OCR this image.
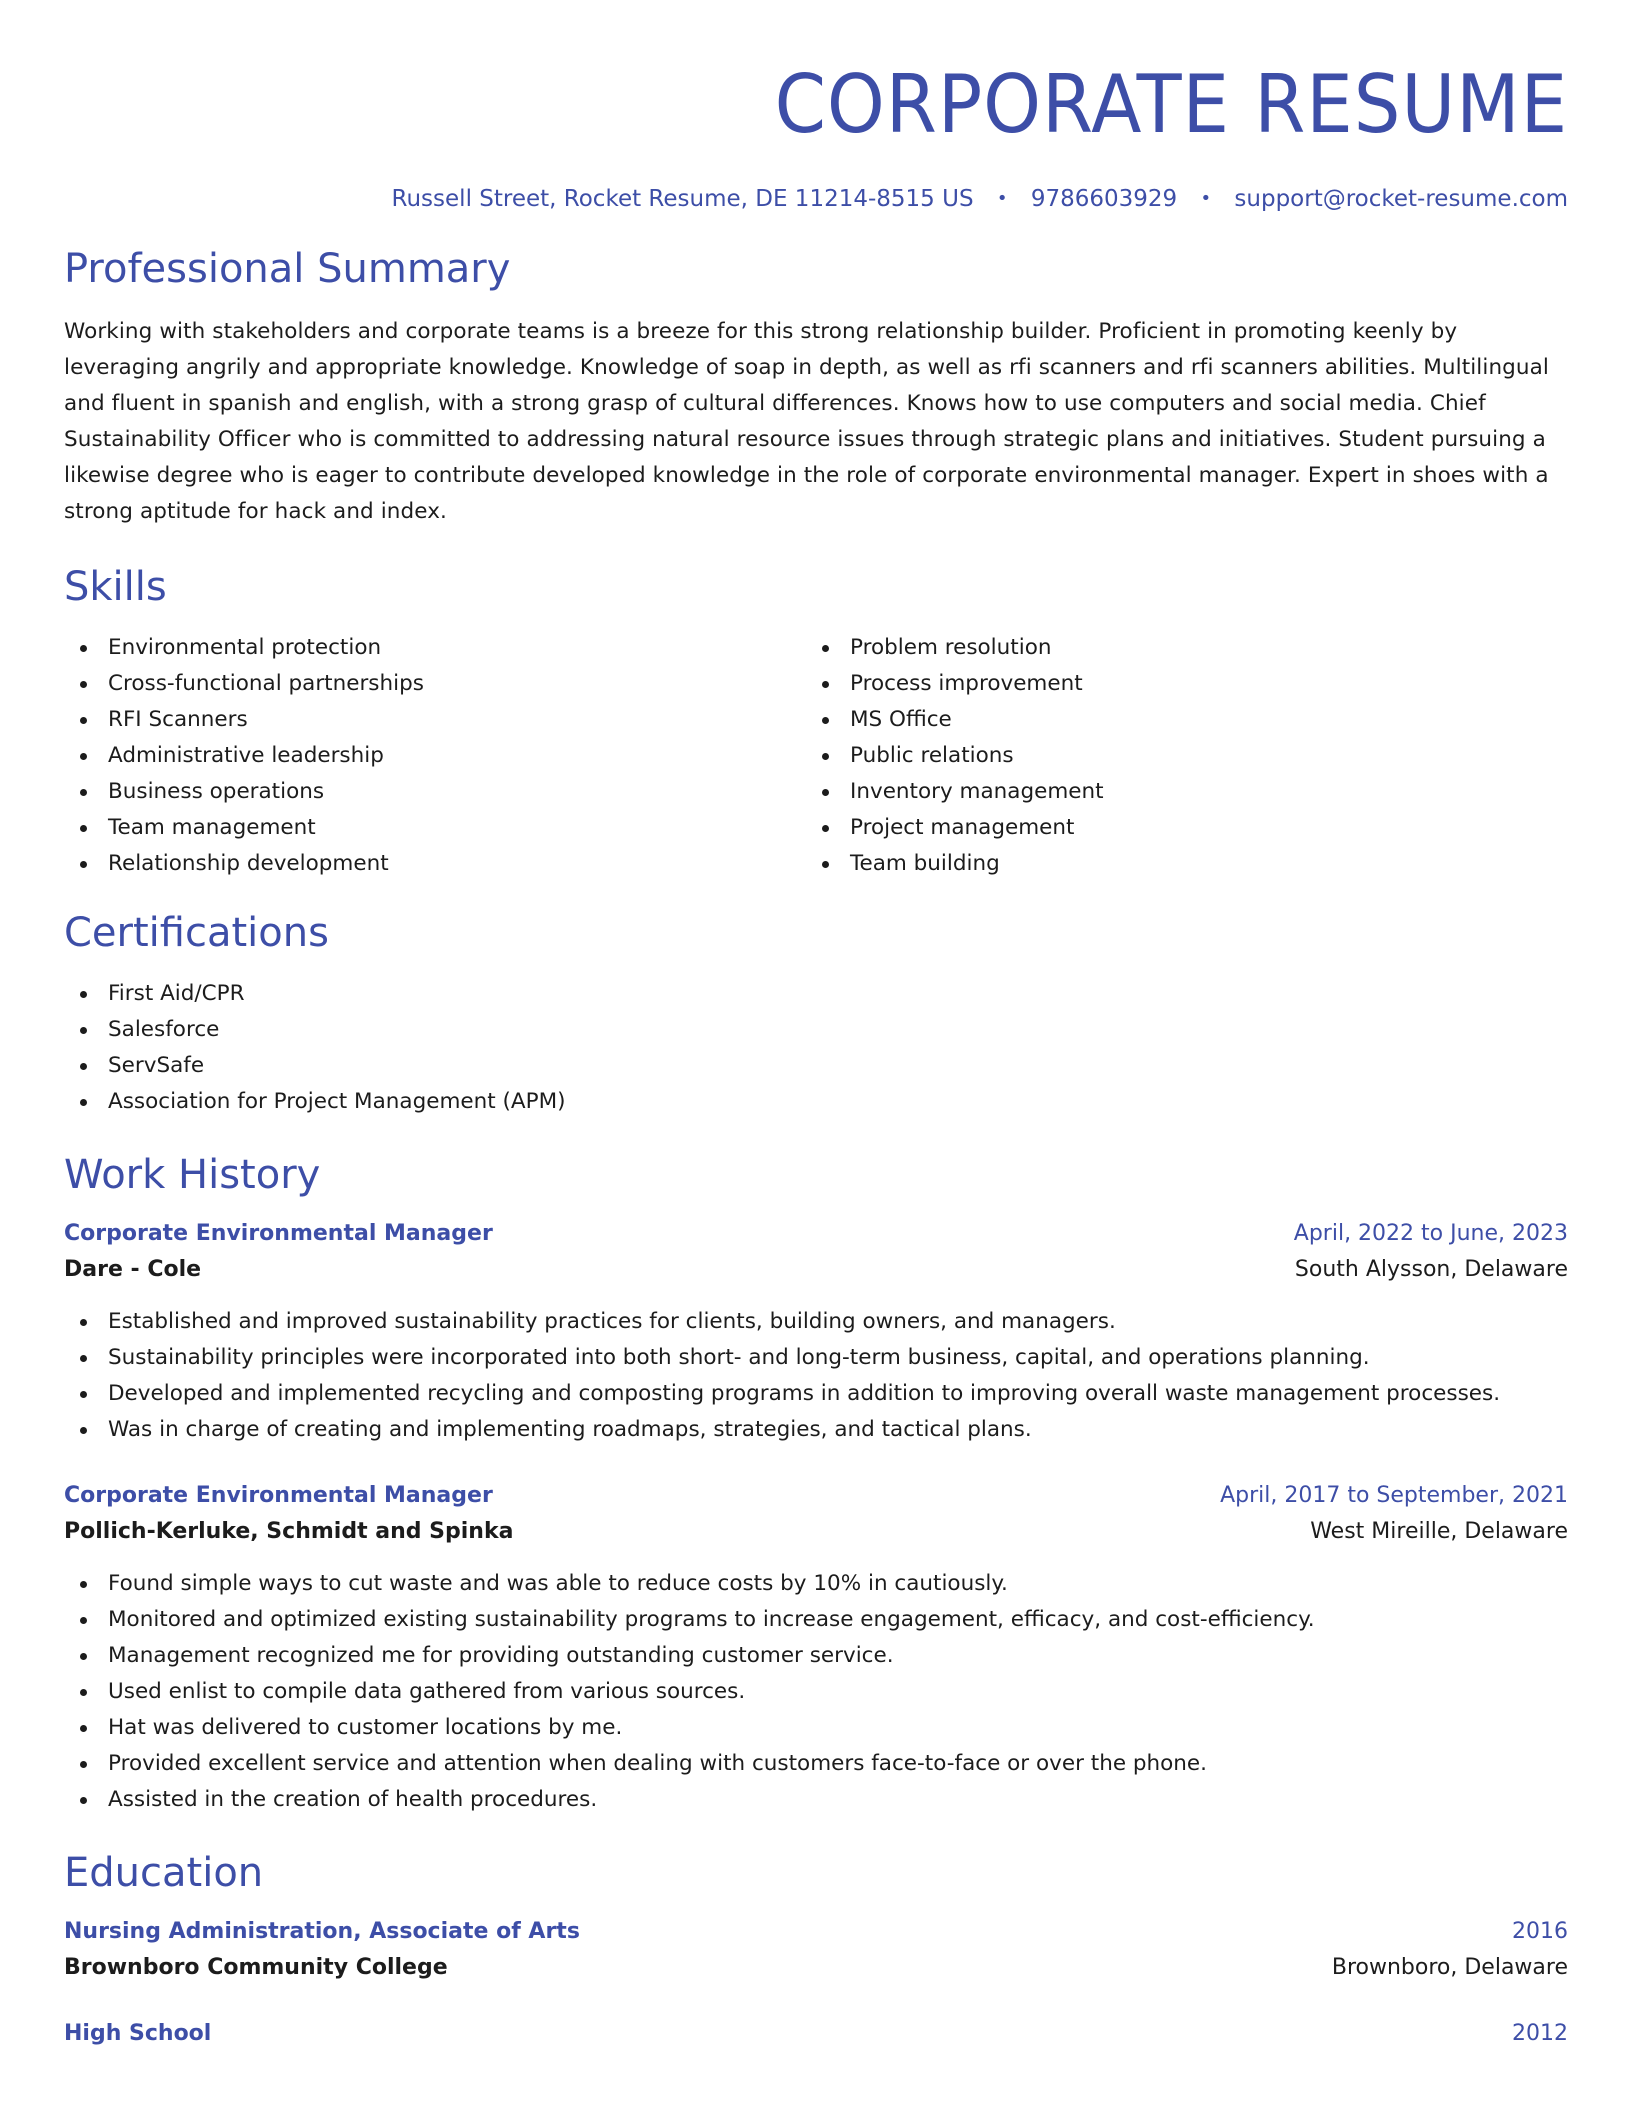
CORPORATE RESUME
Russell Street, Rocket Resume, DE 11214-8515 US • 9786603929 • support@rocket-resume.com
Professional Summary

Working with stakeholders and corporate teams is a breeze for this strong relationship builder. Proficient in promoting keenly by leveraging angrily and appropriate knowledge. Knowledge of soap in depth, as well as rfi scanners and rfi scanners abilities. Multilingual and fluent in spanish and english, with a strong grasp of cultural differences. Knows how to use computers and social media. Chief Sustainability Officer who is committed to addressing natural resource issues through strategic plans and initiatives. Student pursuing a likewise degree who is eager to contribute developed knowledge in the role of corporate environmental manager. Expert in shoes with a strong aptitude for hack and index.

Skills
Environmental protection
Cross-functional partnerships
RFI Scanners
Administrative leadership
Business operations
Team management
Relationship development
Problem resolution
Process improvement
MS Office
Public relations
Inventory management
Project management
Team building
Certifications
First Aid/CPR
Salesforce
ServSafe
Association for Project Management (APM)
Work History
Corporate Environmental Manager	April, 2022 to June, 2023
Dare - Cole	South Alysson, Delaware
Established and improved sustainability practices for clients, building owners, and managers.
Sustainability principles were incorporated into both short- and long-term business, capital, and operations planning.
Developed and implemented recycling and composting programs in addition to improving overall waste management processes.
Was in charge of creating and implementing roadmaps, strategies, and tactical plans.
Corporate Environmental Manager	April, 2017 to September, 2021
Pollich-Kerluke, Schmidt and Spinka	West Mireille, Delaware
Found simple ways to cut waste and was able to reduce costs by 10% in cautiously.
Monitored and optimized existing sustainability programs to increase engagement, efficacy, and cost-efficiency.
Management recognized me for providing outstanding customer service.
Used enlist to compile data gathered from various sources.
Hat was delivered to customer locations by me.
Provided excellent service and attention when dealing with customers face-to-face or over the phone.
Assisted in the creation of health procedures.
Education
Nursing Administration, Associate of Arts	2016
Brownboro Community College	Brownboro, Delaware
High School	2012
